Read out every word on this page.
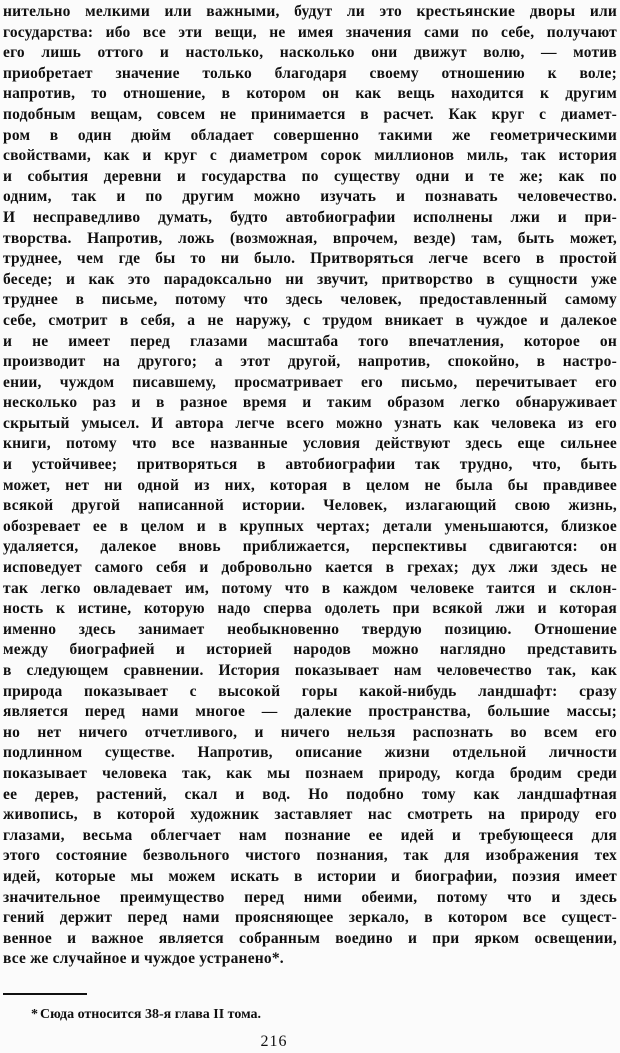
нительно мелкими или важными, будут ли это крестьянские дворы или
государства: ибо все эти вещи, не имея значения сами по себе, получают
его лишь оттого и настолько, насколько они движут волю, — мотив
приобретает значение только благодаря своему отношению к воле;
напротив, то отношение, в котором он как вещь находится к другим
подобным вещам, совсем не принимается в расчет. Как круг с диамет-
ром в один дюйм обладает совершенно такими же геометрическими
свойствами, как и круг с диаметром сорок миллионов миль, так история
и события деревни и государства по существу одни и те же; как по
одним, так и по другим можно изучать и познавать человечество.
И несправедливо думать, будто автобиографии исполнены лжи и при-
творства. Напротив, ложь (возможная, впрочем, везде) там, быть может,
труднее, чем где бы то ни было. Притворяться легче всего в простой
беседе; и как это парадоксально ни звучит, притворство в сущности уже
труднее в письме, потому что здесь человек, предоставленный самому
себе, смотрит в себя, а не наружу, с трудом вникает в чуждое и далекое
и не имеет перед глазами масштаба того впечатления, которое он
производит на другого; а этот другой, напротив, спокойно, в настро-
ении, чуждом писавшему, просматривает его письмо, перечитывает его
несколько раз и в разное время и таким образом легко обнаруживает
скрытый умысел. И автора легче всего можно узнать как человека из его
книги, потому что все названные условия действуют здесь еще сильнее
и устойчивее; притворяться в автобиографии так трудно, что, быть
может, нет ни одной из них, которая в целом не была бы правдивее
всякой другой написанной истории. Человек, излагающий свою жизнь,
обозревает ее в целом и в крупных чертах; детали уменьшаются, близкое
удаляется, далекое вновь приближается, перспективы сдвигаются: он
исповедует самого себя и добровольно кается в грехах; дух лжи здесь не
так легко овладевает им, потому что в каждом человеке таится и склон-
ность к истине, которую надо сперва одолеть при всякой лжи и которая
именно здесь занимает необыкновенно твердую позицию. Отношение
между биографией и историей народов можно наглядно представить
в следующем сравнении. История показывает нам человечество так, как
природа показывает с высокой горы какой-нибудь ландшафт: сразу
является перед нами многое — далекие пространства, большие массы;
но нет ничего отчетливого, и ничего нельзя распознать во всем его
подлинном существе. Напротив, описание жизни отдельной личности
показывает человека так, как мы познаем природу, когда бродим среди
ее дерев, растений, скал и вод. Но подобно тому как ландшафтная
живопись, в которой художник заставляет нас смотреть на природу его
глазами, весьма облегчает нам познание ее идей и требующееся для
этого состояние безвольного чистого познания, так для изображения тех
идей, которые мы можем искать в истории и биографии, поэзия имеет
значительное преимущество перед ними обеими, потому что и здесь
гений держит перед нами проясняющее зеркало, в котором все сущест-
венное и важное является собранным воедино и при ярком освещении,
все же случайное и чуждое устранено*.
* Сюда относится 38-я глава II тома.
216
